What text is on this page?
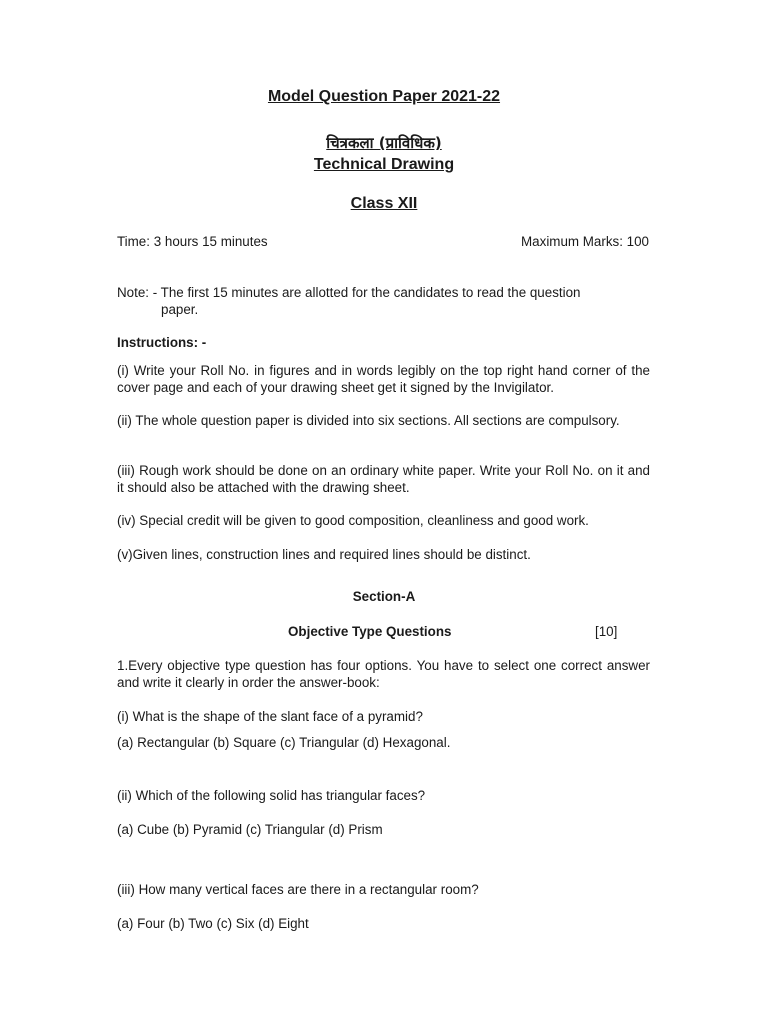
Model Question Paper 2021-22
चित्रकला (प्राविधिक)
Technical Drawing
Class XII
Time: 3 hours 15 minutes	Maximum Marks: 100
Note: - The first 15 minutes are allotted for the candidates to read the question
paper.
Instructions: -
(i) Write your Roll No. in figures and in words legibly on the top right hand corner of the cover page and each of your drawing sheet get it signed by the Invigilator.
(ii) The whole question paper is divided into six sections. All sections are compulsory.
(iii) Rough work should be done on an ordinary white paper. Write your Roll No. on it and it should also be attached with the drawing sheet.
(iv) Special credit will be given to good composition, cleanliness and good work.
(v)Given lines, construction lines and required lines should be distinct.
Section-A
Objective Type Questions	[10]
1.Every objective type question has four options. You have to select one correct answer and write it clearly in order the answer-book:
(i) What is the shape of the slant face of a pyramid?
(a) Rectangular (b) Square (c) Triangular (d) Hexagonal.
(ii) Which of the following solid has triangular faces?
(a) Cube (b) Pyramid (c) Triangular (d) Prism
(iii) How many vertical faces are there in a rectangular room?
(a) Four (b) Two (c) Six (d) Eight
